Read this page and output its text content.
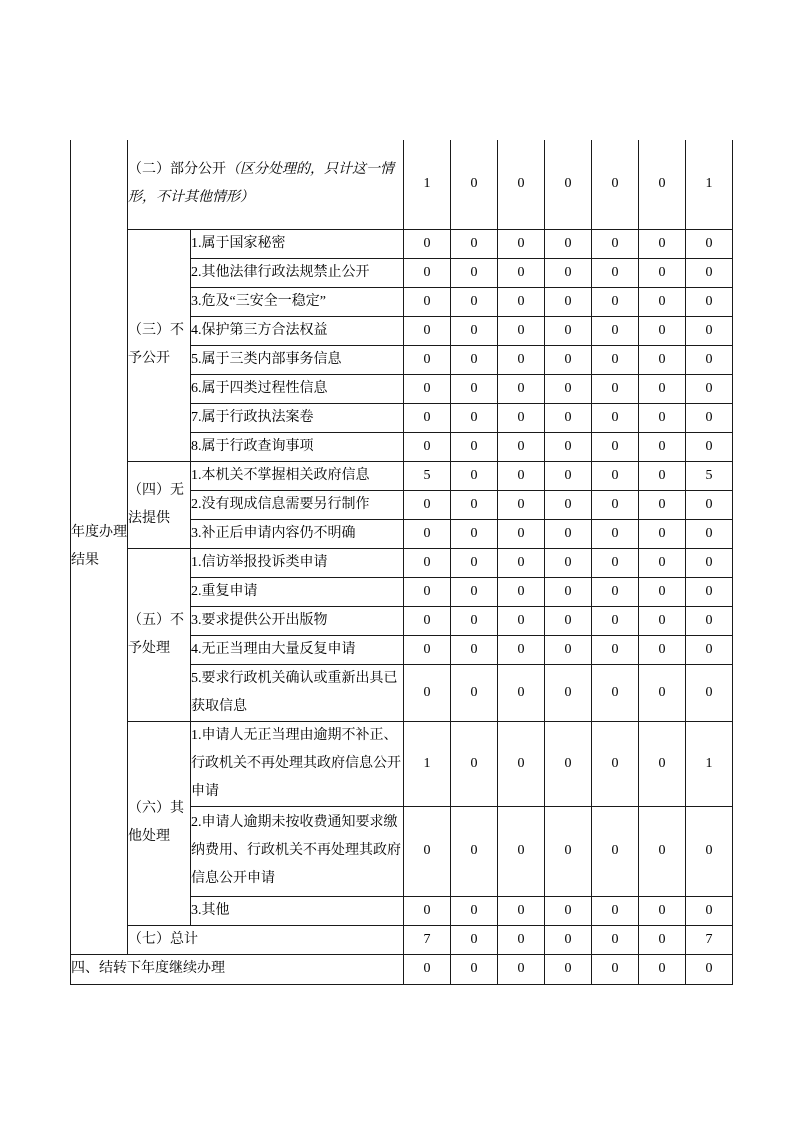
年度办理结果	（二）部分公开（区分处理的，只计这一情形，不计其他情形）		1	0	0	0	0	0	1
	（三）不予公开	1.属于国家秘密	0	0	0	0	0	0	0
		2.其他法律行政法规禁止公开	0	0	0	0	0	0	0
		3.危及“三安全一稳定”	0	0	0	0	0	0	0
		4.保护第三方合法权益	0	0	0	0	0	0	0
		5.属于三类内部事务信息	0	0	0	0	0	0	0
		6.属于四类过程性信息	0	0	0	0	0	0	0
		7.属于行政执法案卷	0	0	0	0	0	0	0
		8.属于行政查询事项	0	0	0	0	0	0	0
	（四）无法提供	1.本机关不掌握相关政府信息	5	0	0	0	0	0	5
		2.没有现成信息需要另行制作	0	0	0	0	0	0	0
		3.补正后申请内容仍不明确	0	0	0	0	0	0	0
	（五）不予处理	1.信访举报投诉类申请	0	0	0	0	0	0	0
		2.重复申请	0	0	0	0	0	0	0
		3.要求提供公开出版物	0	0	0	0	0	0	0
		4.无正当理由大量反复申请	0	0	0	0	0	0	0
		5.要求行政机关确认或重新出具已获取信息	0	0	0	0	0	0	0
	（六）其他处理	1.申请人无正当理由逾期不补正、行政机关不再处理其政府信息公开申请	1	0	0	0	0	0	1
		2.申请人逾期未按收费通知要求缴纳费用、行政机关不再处理其政府信息公开申请	0	0	0	0	0	0	0
		3.其他	0	0	0	0	0	0	0
	（七）总计		7	0	0	0	0	0	7
四、结转下年度继续办理			0	0	0	0	0	0	0
